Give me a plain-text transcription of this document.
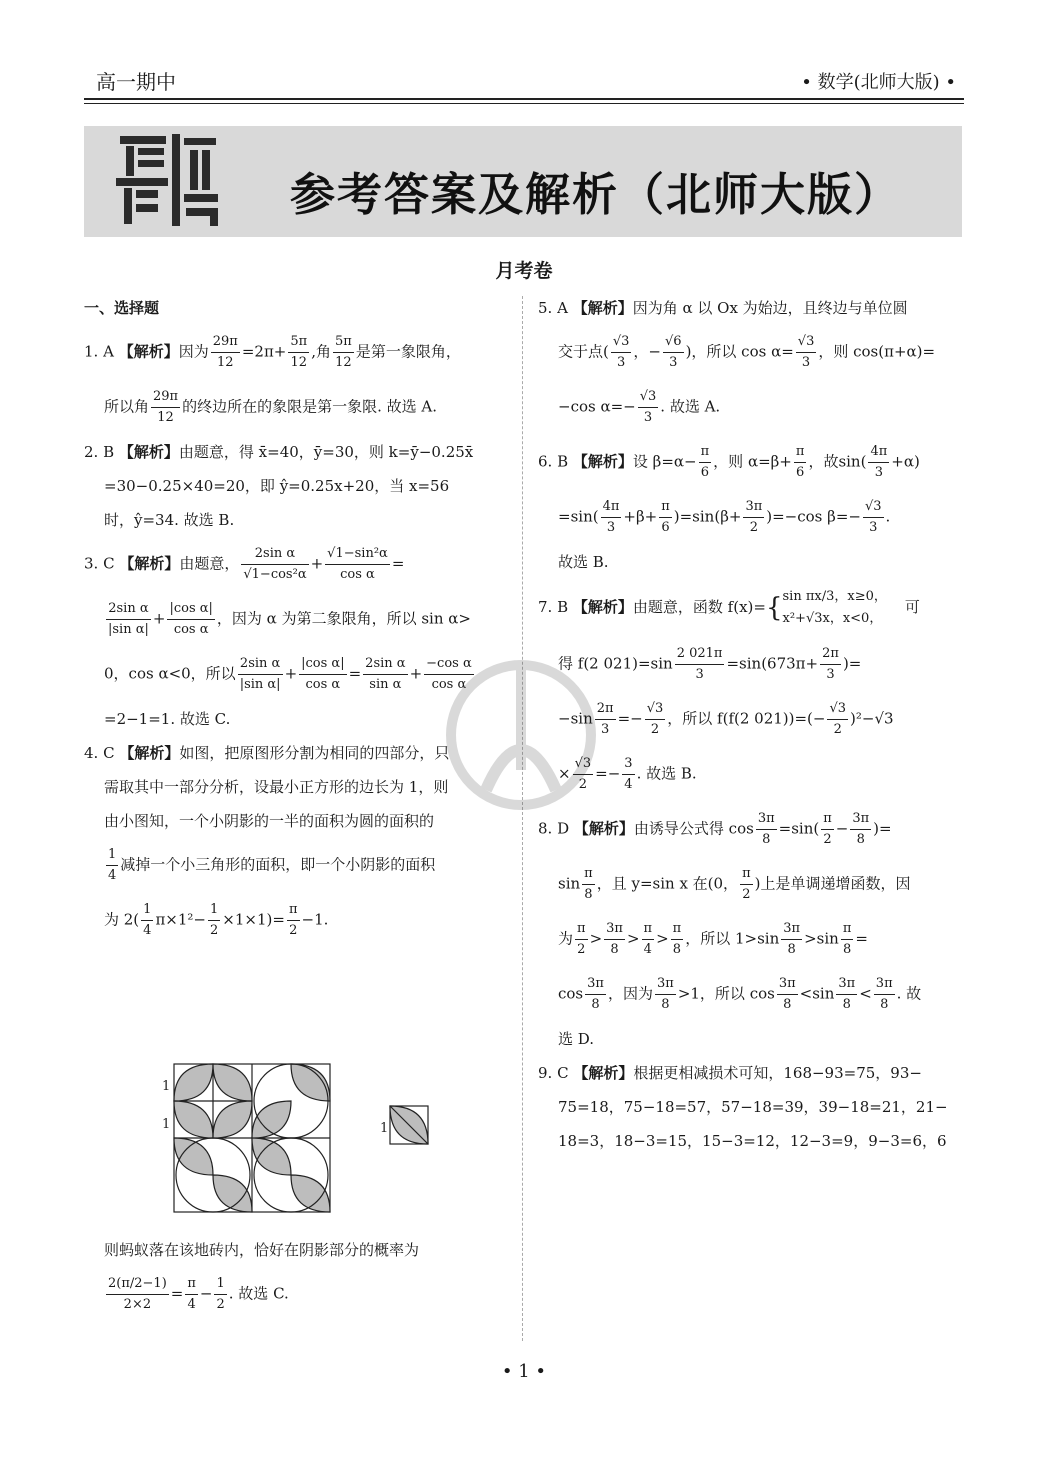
高一期中	• 数学(北师大版) •
参考答案及解析（北师大版）
月考卷
一、选择题
1. A 【解析】因为 $\frac{29\pi}{12} =2\pi+ \frac{5\pi}{12}$ ,角 $\frac{5\pi}{12}$ 是第一象限角，
所以角 $\frac{29\pi}{12}$ 的终边所在的象限是第一象限. 故选 A.
2. B 【解析】由题意，得 x̄=40，ȳ=30，则 k=ȳ−0.25x̄
=30−0.25×40=20，即 ŷ=0.25x+20，当 x=56
时，ŷ=34. 故选 B.
3. C 【解析】由题意， $\frac{\text{2sin α}}{\text{√1−cos²α}} + \frac{\text{√1−sin²α}}{\text{cos α}}$ =
$\frac{\text{2sin α}}{\text{|sin α|}} + \frac{\text{|cos α|}}{\text{cos α}}$ ，因为 α 为第二象限角，所以 sin α>
0，cos α<0，所以 $\frac{\text{2sin α}}{\text{|sin α|}} + \frac{\text{|cos α|}}{\text{cos α}} = \frac{\text{2sin α}}{\text{sin α}} + \frac{\text{−cos α}}{\text{cos α}}$
=2−1=1. 故选 C.
4. C 【解析】如图，把原图形分割为相同的四部分，只
需取其中一部分分析，设最小正方形的边长为 1，则
由小图知，一个小阴影的一半的面积为圆的面积的
$\frac{1}{4}$ 减掉一个小三角形的面积，即一个小阴影的面积
为 $2( \frac{1}{4} \pi\times 1^2- \frac{1}{2} \times 1\times 1)= \frac{\pi}{2} -1$.
1
1	1
则蚂蚁落在该地砖内，恰好在阴影部分的概率为
$\frac{2(\pi/2-1)}{2\times 2} = \frac{\pi}{4} - \frac{1}{2}$ . 故选 C.
5. A 【解析】因为角 α 以 Ox 为始边，且终边与单位圆
交于点( $\frac{√3}{3}$ ，− $\frac{√6}{3}$ )，所以 $\cos \alpha= \frac{√3}{3}$ ，则 cos(π+α)=
−cos $\alpha=- \frac{√3}{3}$ . 故选 A.
6. B 【解析】设 $\beta=\alpha- \frac{\pi}{6}$ ，则 $\alpha=\beta+ \frac{\pi}{6}$ ，故$\sin( \frac{4\pi}{3} +\alpha)$
$=\sin( \frac{4\pi}{3} +\beta+ \frac{\pi}{6} )=\sin(\beta+ \frac{3\pi}{2} )=-\cos$ $\beta=- \frac{√3}{3}$ .
故选 B.
7. B 【解析】由题意，函数 f(x)={ sin πx/3，x≥0，
x²+√3x，x<0，
可
得 f(2 $021)=\sin \frac{2 021\pi}{3} =\sin(673\pi+ \frac{2\pi}{3}$ )=
$-\sin \frac{2\pi}{3} =- \frac{√3}{2}$ ，所以 f(f(2 $021))=(- \frac{√3}{2} )^2-√3$
× $\frac{√3}{2} =- \frac{3}{4}$ . 故选 B.
8. D 【解析】由诱导公式得 $\cos \frac{3\pi}{8} =\sin( \frac{\pi}{2} - \frac{3\pi}{8}$ )=
$\sin \frac{\pi}{8}$ ，且 y=sin x 在(0， $\frac{\pi}{2}$ )上是单调递增函数，因
为 $\frac{\pi}{2} > \frac{3\pi}{8} > \frac{\pi}{4} > \frac{\pi}{8}$ ，所以 $1>\sin \frac{3\pi}{8} >\sin \frac{\pi}{8}$ =
$\cos \frac{3\pi}{8}$ ，因为 $\frac{3\pi}{8} >1$，所以 $\cos \frac{3\pi}{8} <\sin \frac{3\pi}{8} < \frac{3\pi}{8}$ . 故
选 D.
9. C 【解析】根据更相减损术可知，168−93=75，93−
75=18，75−18=57，57−18=39，39−18=21，21−
18=3，18−3=15，15−3=12，12−3=9，9−3=6，6
• 1 •
